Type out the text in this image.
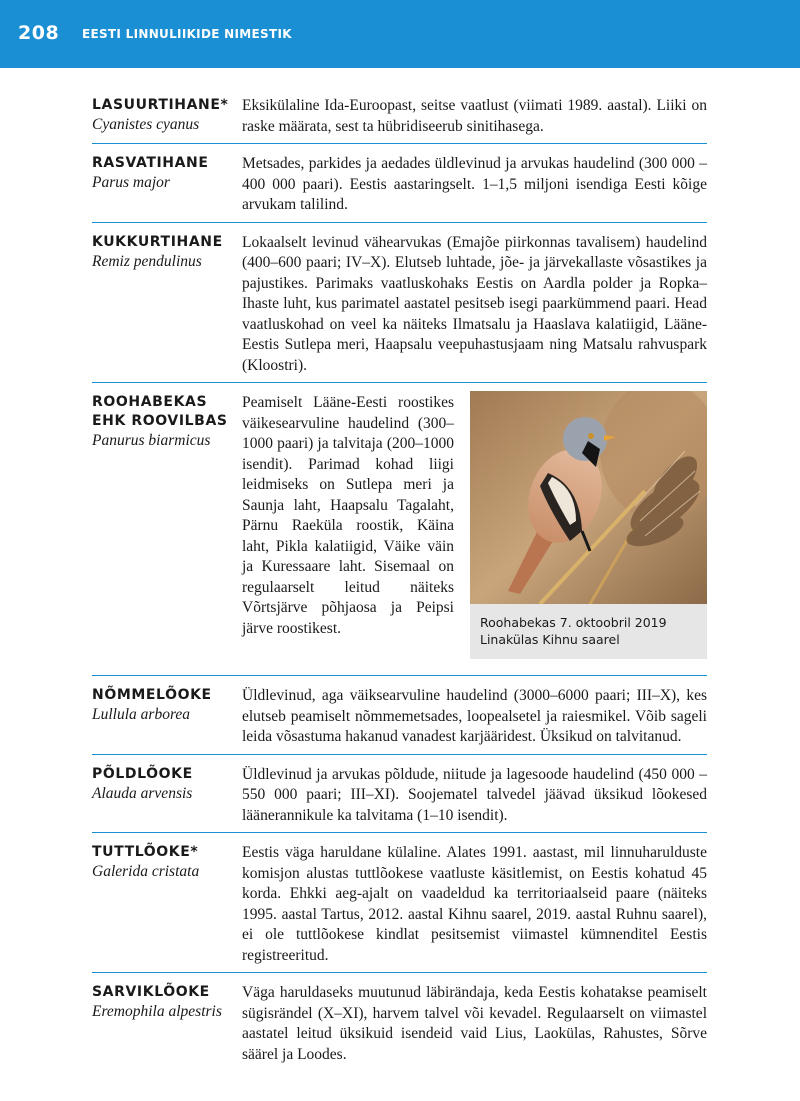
208 EESTI LINNULIIKIDE NIMESTIK
LASUURTIHANE*
Cyanistes cyanus

Eksikülaline Ida-Euroopast, seitse vaatlust (viimati 1989. aastal). Liiki on raske määrata, sest ta hübridiseerub sinitihasega.

RASVATIHANE
Parus major

Metsades, parkides ja aedades üldlevinud ja arvukas haudelind (300 000 – 400 000 paari). Eestis aastaringselt. 1–1,5 miljoni isendiga Eesti kõige arvukam talilind.

KUKKURTIHANE
Remiz pendulinus

Lokaalselt levinud vähearvukas (Emajõe piirkonnas tavalisem) haudelind (400–600 paari; IV–X). Elutseb luhtade, jõe- ja järvekallaste võsastikes ja pajustikes. Parimaks vaatluskohaks Eestis on Aardla polder ja Ropka–Ihaste luht, kus parimatel aastatel pesitseb isegi paarkümmend paari. Head vaatluskohad on veel ka näiteks Ilmatsalu ja Haaslava kalatiigid, Lääne-Eestis Sutlepa meri, Haapsalu veepuhastusjaam ning Matsalu rahvuspark (Kloostri).

ROOHABEKAS EHK ROOVILBAS
Panurus biarmicus

Peamiselt Lääne-Eesti roostikes väikesearvuline haudelind (300–1000 paari) ja talvitaja (200–1000 isendit). Parimad kohad liigi leidmiseks on Sutlepa meri ja Saunja laht, Haapsalu Tagalaht, Pärnu Raeküla roostik, Käina laht, Pikla kalatiigid, Väike väin ja Kuressaare laht. Sisemaal on regulaarselt leitud näiteks Võrtsjärve põhjaosa ja Peipsi järve roostikest.	Roohabekas 7. oktoobril 2019
Linakülas Kihnu saarel
NÕMMELÕOKE
Lullula arborea

Üldlevinud, aga väiksearvuline haudelind (3000–6000 paari; III–X), kes elutseb peamiselt nõmmemetsades, loopealsetel ja raiesmikel. Võib sageli leida võsastuma hakanud vanadest karjääridest. Üksikud on talvitanud.

PÕLDLÕOKE
Alauda arvensis

Üldlevinud ja arvukas põldude, niitude ja lagesoode haudelind (450 000 – 550 000 paari; III–XI). Soojematel talvedel jäävad üksikud lõokesed läänerannikule ka talvitama (1–10 isendit).

TUTTLÕOKE*
Galerida cristata

Eestis väga haruldane külaline. Alates 1991. aastast, mil linnuharulduste komisjon alustas tuttlõokese vaatluste käsitlemist, on Eestis kohatud 45 korda. Ehkki aeg-ajalt on vaadeldud ka territoriaalseid paare (näiteks 1995. aastal Tartus, 2012. aastal Kihnu saarel, 2019. aastal Ruhnu saarel), ei ole tuttlõokese kindlat pesitsemist viimastel kümnenditel Eestis registreeritud.

SARVIKLÕOKE
Eremophila alpestris

Väga haruldaseks muutunud läbirändaja, keda Eestis kohatakse peamiselt sügisrändel (X–XI), harvem talvel või kevadel. Regulaarselt on viimastel aastatel leitud üksikuid isendeid vaid Lius, Laokülas, Rahustes, Sõrve säärel ja Loodes.
